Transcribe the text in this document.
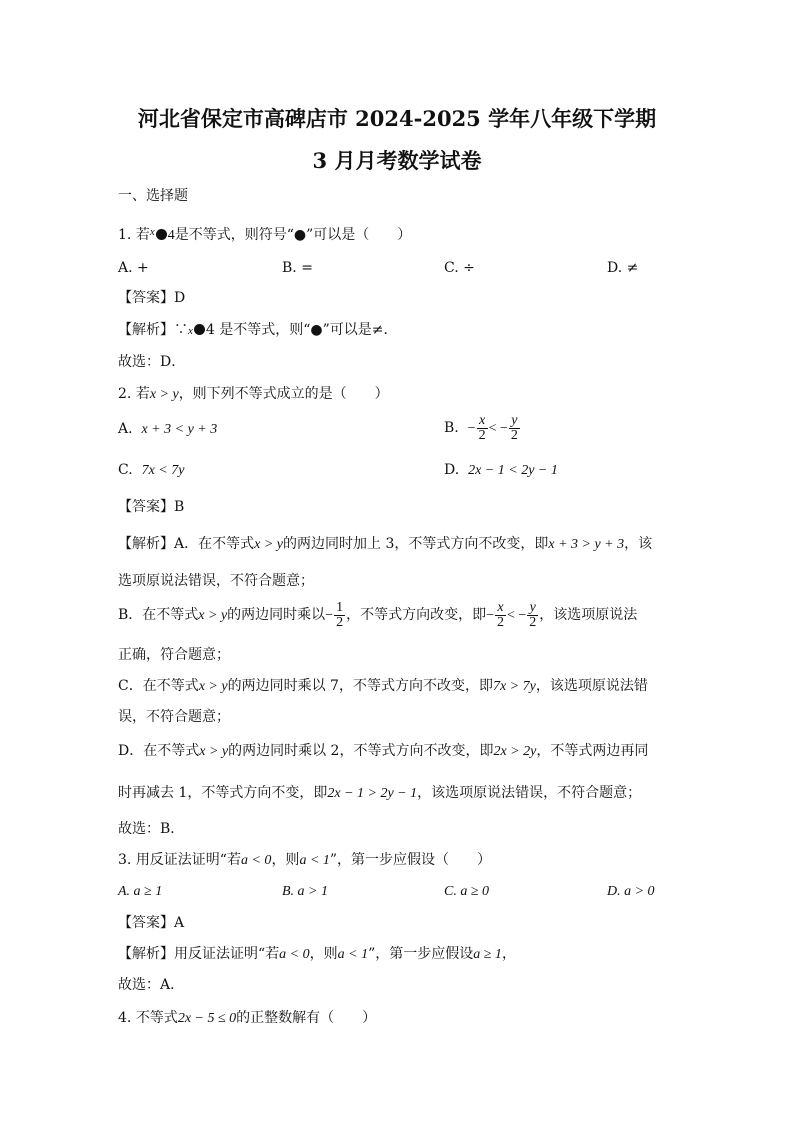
河北省保定市高碑店市 2024-2025 学年八年级下学期
3 月月考数学试卷
一、选择题
1. 若$^x$ 4是不等式，则符号“●”可以是（　　）
A. +	B. =	C. ÷	D. ≠
【答案】D
【解析】∵x 4 是不等式，则“●”可以是≠．
故选：D．
2. 若x > y，则下列不等式成立的是（　　）
A. x + 3 < y + 3	B. − $\frac{x}{2}$ < − $\frac{y}{2}$
C. 7x < 7y	D. 2x − 1 < 2y − 1
【答案】B
【解析】A．在不等式x > y的两边同时加上 3，不等式方向不改变，即x + 3 > y + 3，该
选项原说法错误，不符合题意；
B．在不等式x > y的两边同时乘以− $\frac{1}{2}$ ，不等式方向改变，即− $\frac{x}{2}$ < − $\frac{y}{2}$ ，该选项原说法
正确，符合题意；
C．在不等式x > y的两边同时乘以 7，不等式方向不改变，即7x > 7y，该选项原说法错
误，不符合题意；
D．在不等式x > y的两边同时乘以 2，不等式方向不改变，即2x > 2y，不等式两边再同
时再减去 1，不等式方向不变，即2x − 1 > 2y − 1，该选项原说法错误，不符合题意；
故选：B．
3. 用反证法证明“若a < 0，则a < 1”，第一步应假设（　　）
A. a ≥ 1	B. a > 1	C. a ≥ 0	D. a > 0
【答案】A
【解析】用反证法证明“若a < 0，则a < 1”，第一步应假设a ≥ 1，
故选：A．
4. 不等式2x − 5 ≤ 0的正整数解有（　　）
